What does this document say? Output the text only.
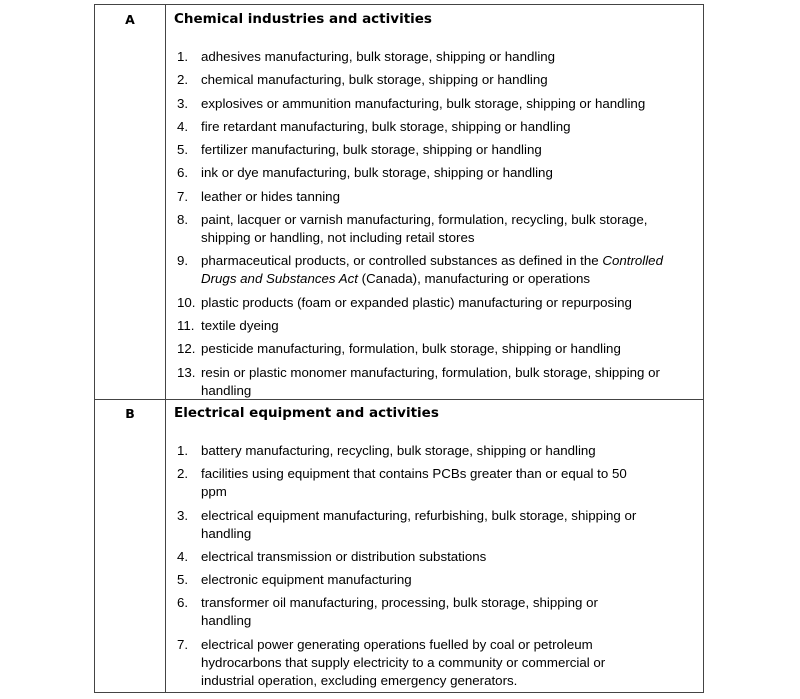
A	Chemical industries and activities
1. adhesives manufacturing, bulk storage, shipping or handling
2. chemical manufacturing, bulk storage, shipping or handling
3. explosives or ammunition manufacturing, bulk storage, shipping or handling
4. fire retardant manufacturing, bulk storage, shipping or handling
5. fertilizer manufacturing, bulk storage, shipping or handling
6. ink or dye manufacturing, bulk storage, shipping or handling
7. leather or hides tanning
8. paint, lacquer or varnish manufacturing, formulation, recycling, bulk storage, shipping or handling, not including retail stores
9. pharmaceutical products, or controlled substances as defined in the Controlled Drugs and Substances Act (Canada), manufacturing or operations
10. plastic products (foam or expanded plastic) manufacturing or repurposing
11. textile dyeing
12. pesticide manufacturing, formulation, bulk storage, shipping or handling
13. resin or plastic monomer manufacturing, formulation, bulk storage, shipping or handling
B	Electrical equipment and activities
1. battery manufacturing, recycling, bulk storage, shipping or handling
2. facilities using equipment that contains PCBs greater than or equal to 50 ppm
3. electrical equipment manufacturing, refurbishing, bulk storage, shipping or handling
4. electrical transmission or distribution substations
5. electronic equipment manufacturing
6. transformer oil manufacturing, processing, bulk storage, shipping or handling
7. electrical power generating operations fuelled by coal or petroleum hydrocarbons that supply electricity to a community or commercial or industrial operation, excluding emergency generators.
